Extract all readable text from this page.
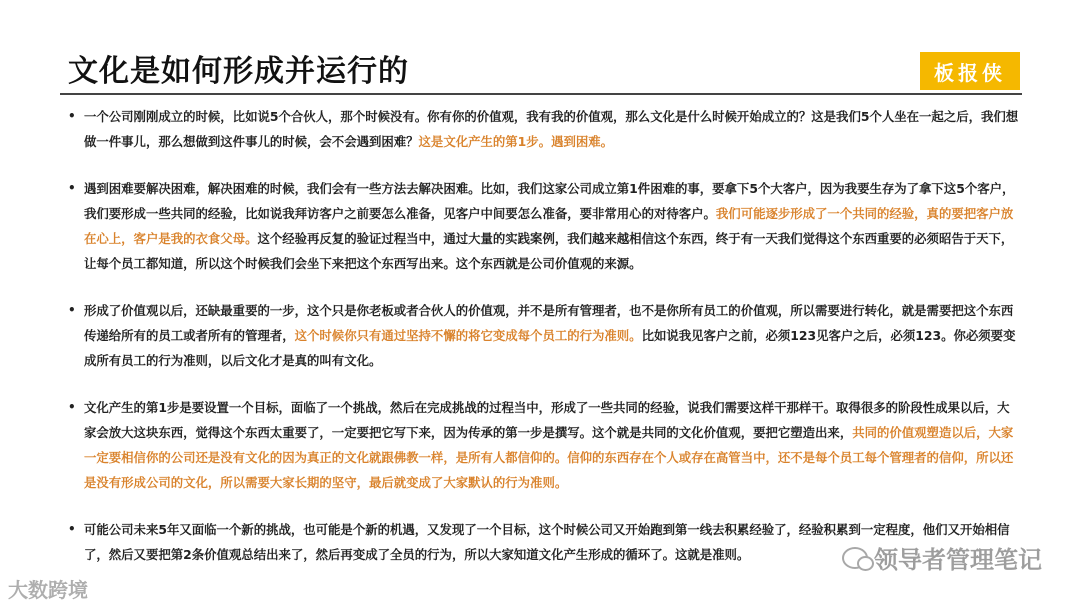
文化是如何形成并运行的	板报侠
• 一个公司刚刚成立的时候，比如说5个合伙人，那个时候没有。你有你的价值观，我有我的价值观，那么文化是什么时候开始成立的？这是我们5个人坐在一起之后，我们想做一件事儿，那么想做到这件事儿的时候，会不会遇到困难？这是文化产生的第1步。遇到困难。
• 遇到困难要解决困难，解决困难的时候，我们会有一些方法去解决困难。比如，我们这家公司成立第1件困难的事，要拿下5个大客户，因为我要生存为了拿下这5个客户，我们要形成一些共同的经验，比如说我拜访客户之前要怎么准备，见客户中间要怎么准备，要非常用心的对待客户。我们可能逐步形成了一个共同的经验，真的要把客户放在心上，客户是我的衣食父母。这个经验再反复的验证过程当中，通过大量的实践案例，我们越来越相信这个东西，终于有一天我们觉得这个东西重要的必须昭告于天下，让每个员工都知道，所以这个时候我们会坐下来把这个东西写出来。这个东西就是公司价值观的来源。
• 形成了价值观以后，还缺最重要的一步，这个只是你老板或者合伙人的价值观，并不是所有管理者，也不是你所有员工的价值观，所以需要进行转化，就是需要把这个东西传递给所有的员工或者所有的管理者，这个时候你只有通过坚持不懈的将它变成每个员工的行为准则。比如说我见客户之前，必须123见客户之后，必须123。你必须要变成所有员工的行为准则，以后文化才是真的叫有文化。
• 文化产生的第1步是要设置一个目标，面临了一个挑战，然后在完成挑战的过程当中，形成了一些共同的经验，说我们需要这样干那样干。取得很多的阶段性成果以后，大家会放大这块东西，觉得这个东西太重要了，一定要把它写下来，因为传承的第一步是撰写。这个就是共同的文化价值观，要把它塑造出来，共同的价值观塑造以后，大家一定要相信你的公司还是没有文化的因为真正的文化就跟佛教一样，是所有人都信仰的。信仰的东西存在个人或存在高管当中，还不是每个员工每个管理者的信仰，所以还是没有形成公司的文化，所以需要大家长期的坚守，最后就变成了大家默认的行为准则。
• 可能公司未来5年又面临一个新的挑战，也可能是个新的机遇，又发现了一个目标，这个时候公司又开始跑到第一线去积累经验了，经验积累到一定程度，他们又开始相信了，然后又要把第2条价值观总结出来了，然后再变成了全员的行为，所以大家知道文化产生形成的循环了。这就是准则。
大数跨境
领导者管理笔记
